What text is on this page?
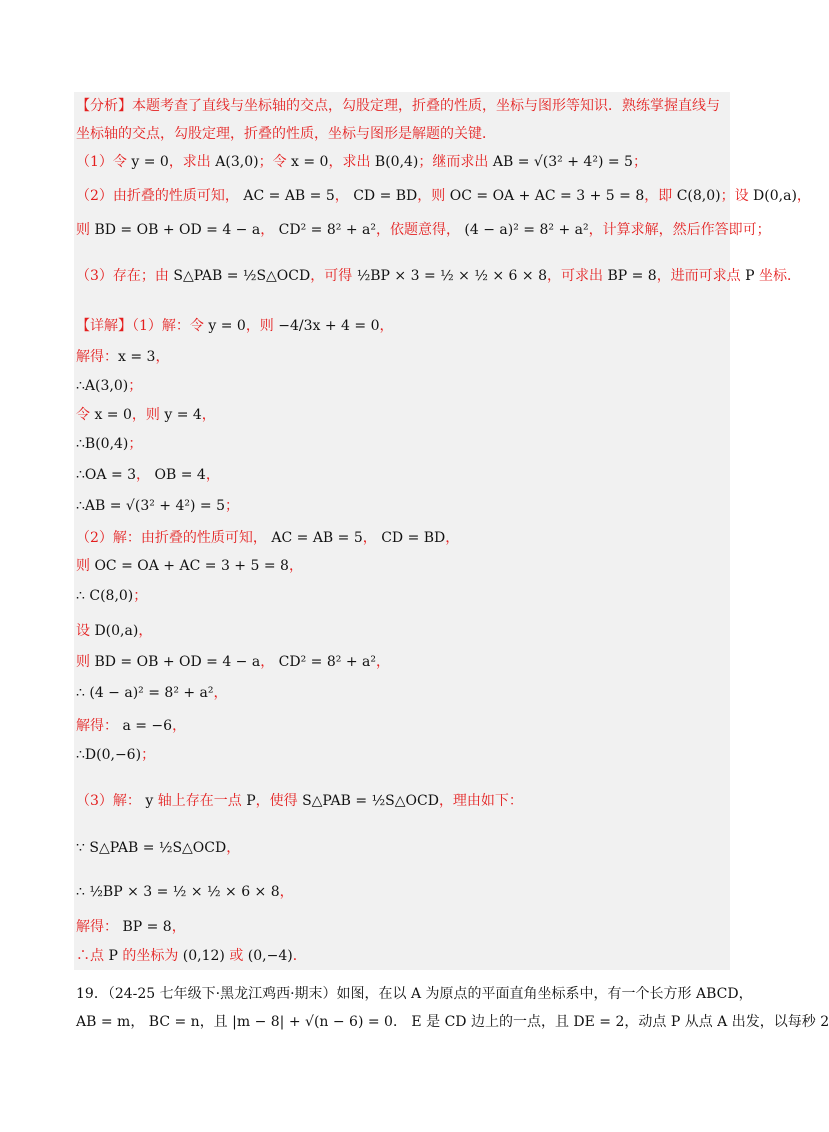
【分析】本题考查了直线与坐标轴的交点，勾股定理，折叠的性质，坐标与图形等知识．熟练掌握直线与
坐标轴的交点，勾股定理，折叠的性质，坐标与图形是解题的关键．
（1）令 y = 0，求出 A(3,0)；令 x = 0，求出 B(0,4)；继而求出 AB = √(3² + 4²) = 5；
（2）由折叠的性质可知， AC = AB = 5， CD = BD，则 OC = OA + AC = 3 + 5 = 8，即 C(8,0)；设 D(0,a)，
则 BD = OB + OD = 4 − a， CD² = 8² + a²，依题意得， (4 − a)² = 8² + a²，计算求解，然后作答即可；
（3）存在；由 S△PAB = ½S△OCD，可得 ½BP × 3 = ½ × ½ × 6 × 8，可求出 BP = 8，进而可求点 P 坐标．
【详解】（1）解：令 y = 0，则 −4/3x + 4 = 0，
解得：x = 3，
∴A(3,0)；
令 x = 0，则 y = 4，
∴B(0,4)；
∴OA = 3， OB = 4，
∴AB = √(3² + 4²) = 5；
（2）解：由折叠的性质可知， AC = AB = 5， CD = BD，
则 OC = OA + AC = 3 + 5 = 8，
∴ C(8,0)；
设 D(0,a)，
则 BD = OB + OD = 4 − a， CD² = 8² + a²，
∴ (4 − a)² = 8² + a²，
解得： a = −6，
∴D(0,−6)；
（3）解： y 轴上存在一点 P，使得 S△PAB = ½S△OCD，理由如下：
∵ S△PAB = ½S△OCD，
∴ ½BP × 3 = ½ × ½ × 6 × 8，
解得： BP = 8，
∴点 P 的坐标为 (0,12) 或 (0,−4)．
19．（24-25 七年级下·黑龙江鸡西·期末）如图，在以 A 为原点的平面直角坐标系中，有一个长方形 ABCD，
AB = m， BC = n，且 |m − 8| + √(n − 6) = 0． E 是 CD 边上的一点，且 DE = 2，动点 P 从点 A 出发，以每秒 2
